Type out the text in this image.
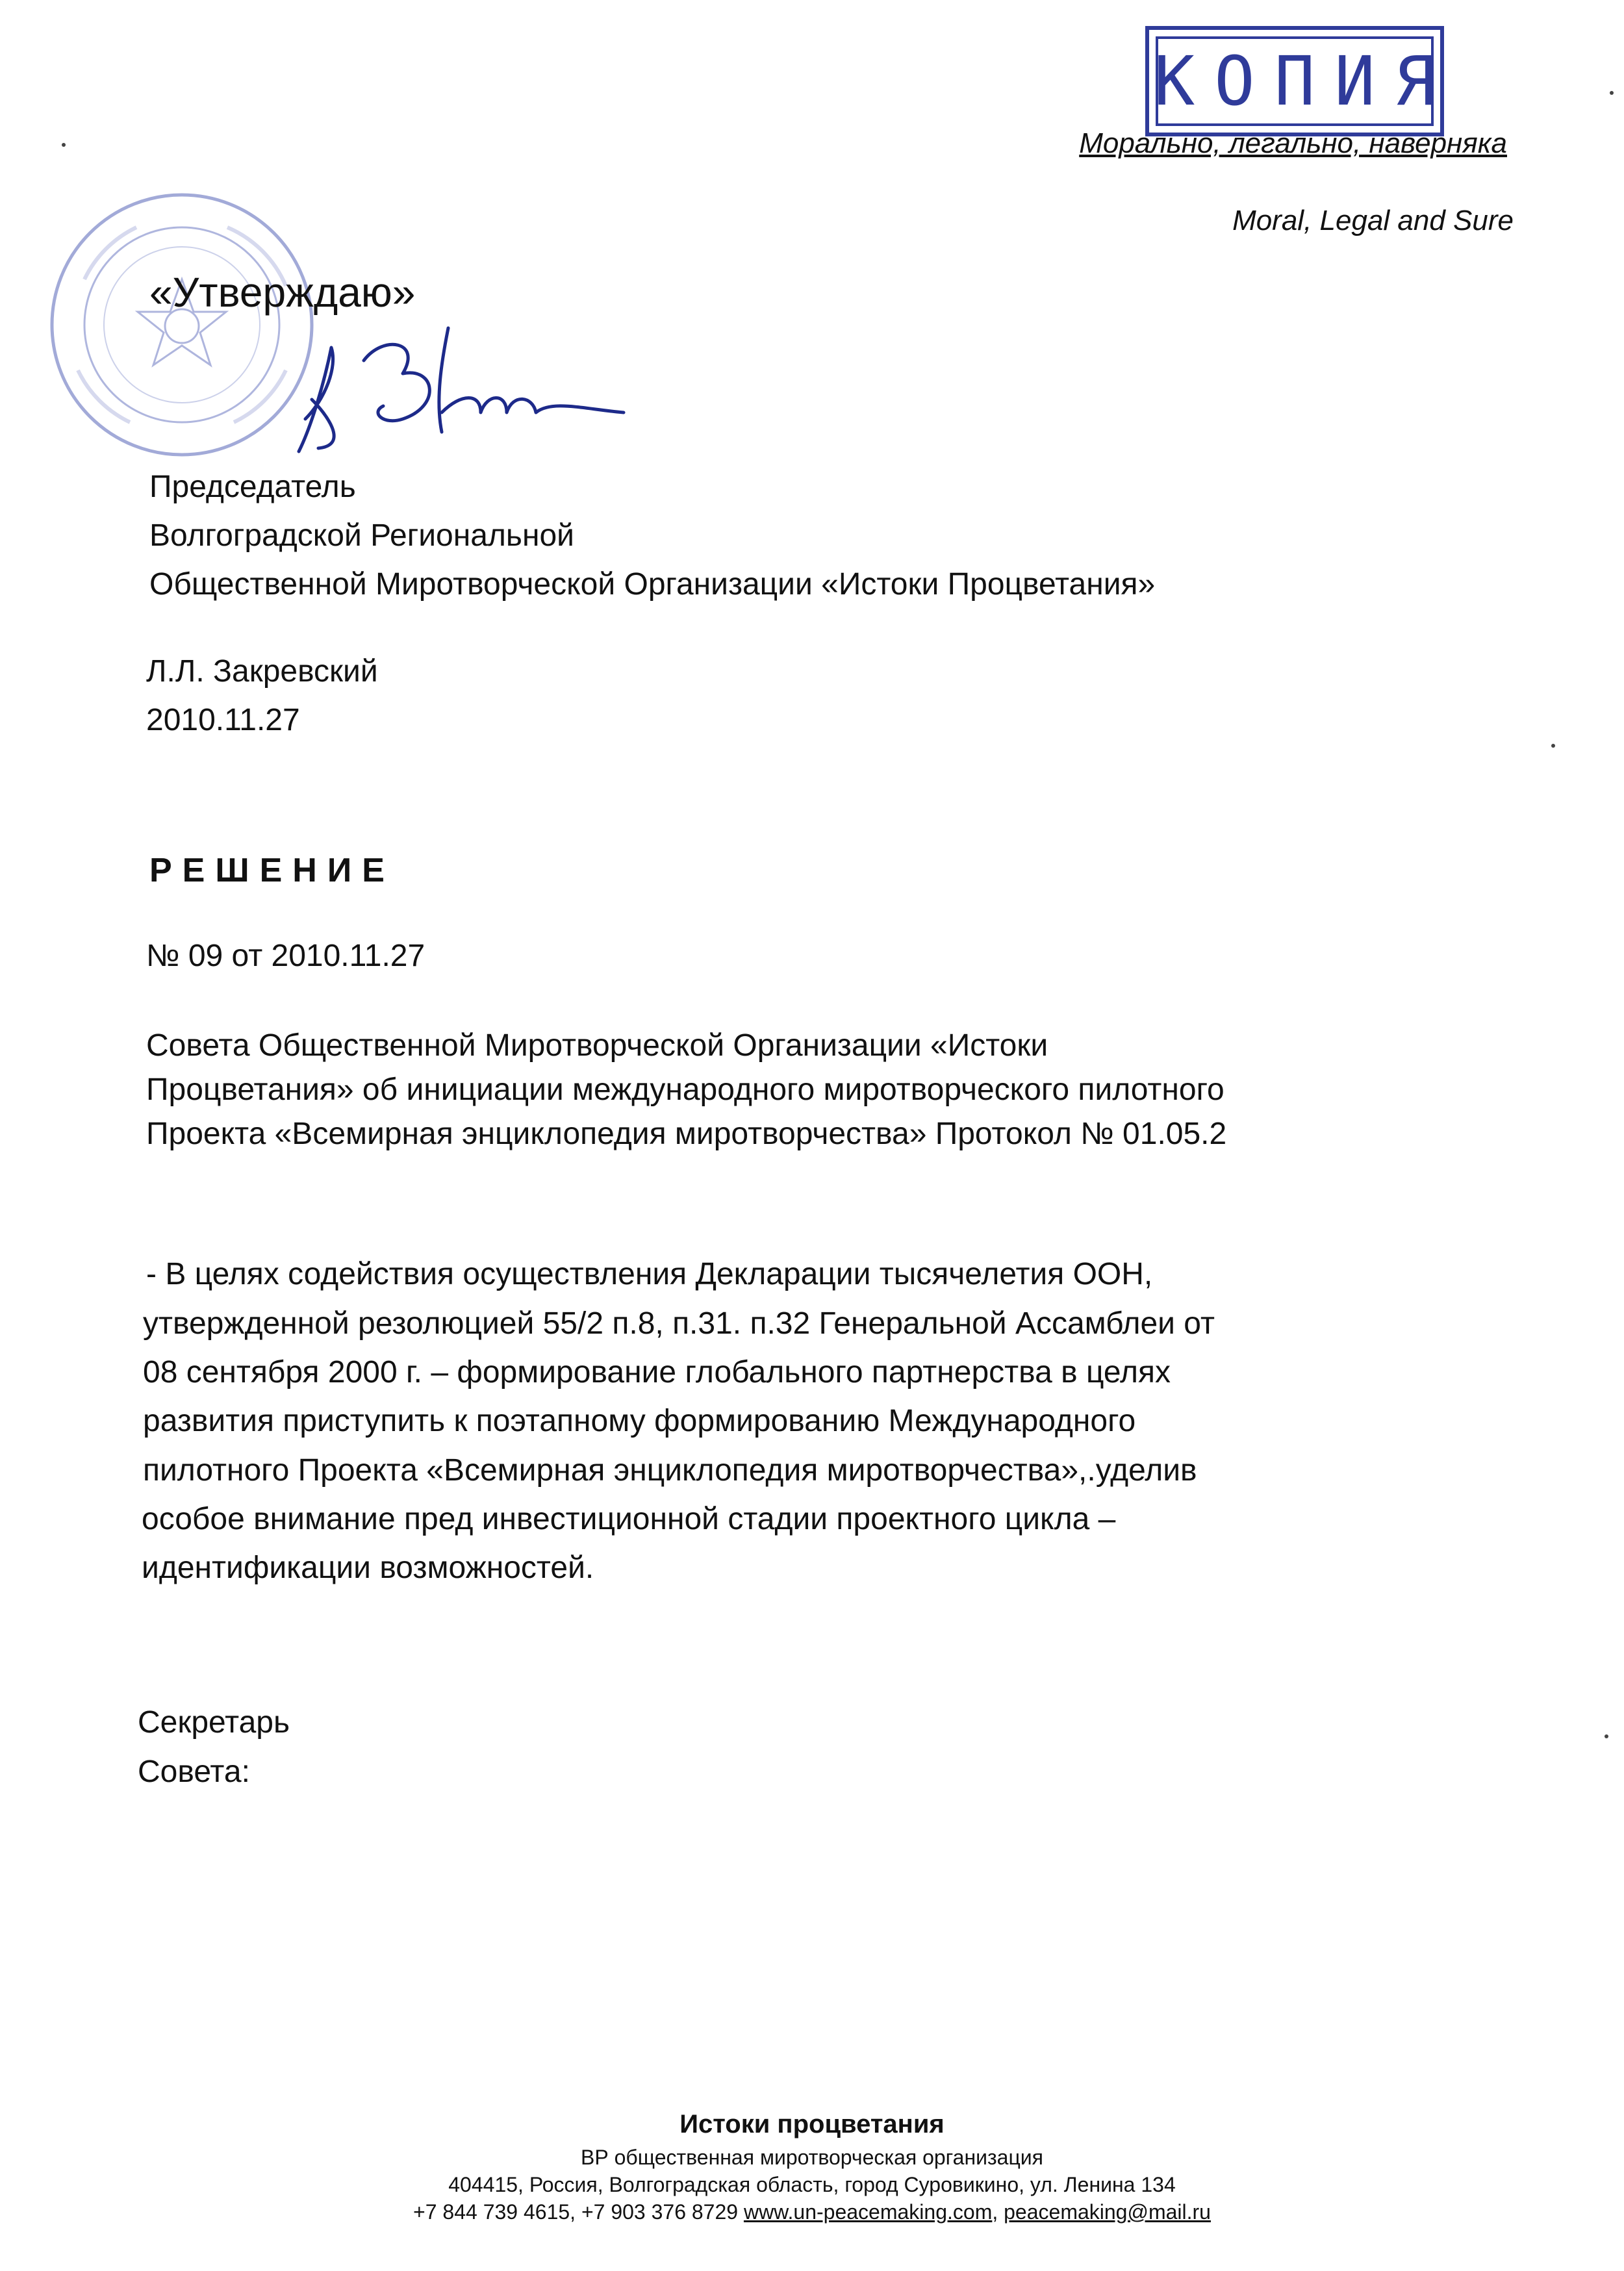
КОПИЯ
Морально, легально, наверняка
Moral, Legal and Sure
«Утверждаю»
Председатель
Волгоградской Региональной
Общественной Миротворческой Организации «Истоки Процветания»
Л.Л. Закревский
2010.11.27
РЕШЕНИЕ
№ 09 от 2010.11.27
Совета Общественной Миротворческой Организации «Истоки
Процветания» об инициации международного миротворческого пилотного
Проекта «Всемирная энциклопедия миротворчества» Протокол № 01.05.2
- В целях содействия осуществления Декларации тысячелетия ООН,
утвержденной резолюцией 55/2 п.8, п.31. п.32 Генеральной Ассамблеи от
08 сентября 2000 г. – формирование глобального партнерства в целях
развития приступить к поэтапному формированию Международного
пилотного Проекта «Всемирная энциклопедия миротворчества»,.уделив
особое внимание пред инвестиционной стадии проектного цикла –
идентификации возможностей.
Секретарь
Совета:
Истоки процветания
ВР общественная миротворческая организация
404415, Россия, Волгоградская область, город Суровикино, ул. Ленина 134
+7 844 739 4615, +7 903 376 8729 www.un-peacemaking.com, peacemaking@mail.ru
